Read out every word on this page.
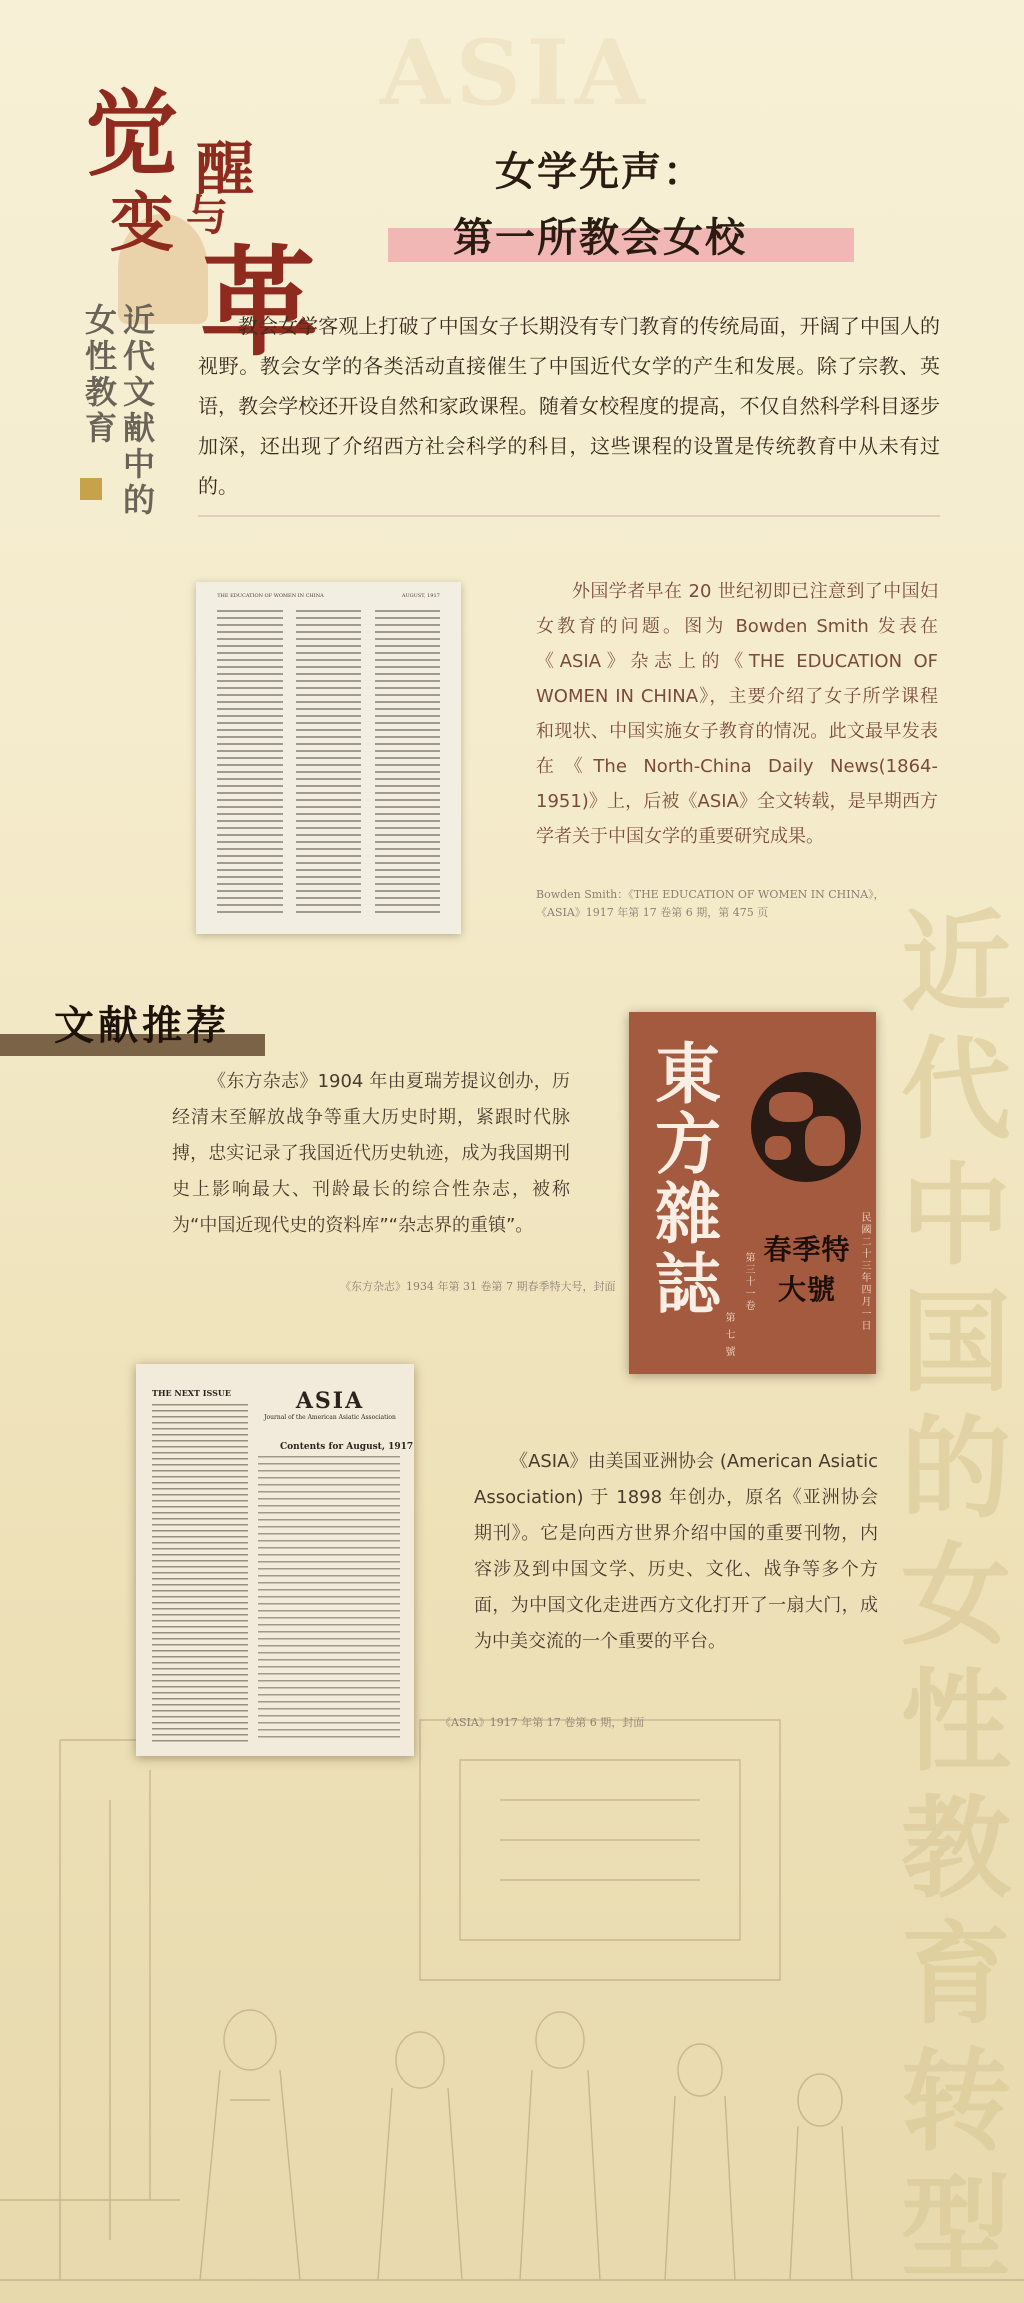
ASIA
近代中国的女性教育转型
觉 醒
与
变
革
近代文献中的
女性教育
女学先声：
第一所教会女校

教会女学客观上打破了中国女子长期没有专门教育的传统局面，开阔了中国人的视野。教会女学的各类活动直接催生了中国近代女学的产生和发展。除了宗教、英语，教会学校还开设自然和家政课程。随着女校程度的提高，不仅自然科学科目逐步加深，还出现了介绍西方社会科学的科目，这些课程的设置是传统教育中从未有过的。

THE EDUCATION OF WOMEN IN CHINA	AUGUST, 1917	外国学者早在 20 世纪初即已注意到了中国妇女教育的问题。图为 Bowden Smith 发表在《ASIA》杂志上的《THE EDUCATION OF WOMEN IN CHINA》，主要介绍了女子所学课程和现状、中国实施女子教育的情况。此文最早发表在《The North-China Daily News(1864-1951)》上，后被《ASIA》全文转载，是早期西方学者关于中国女学的重要研究成果。

Bowden Smith：《THE EDUCATION OF WOMEN IN CHINA》，
《ASIA》1917 年第 17 卷第 6 期，第 475 页
文献推荐

《东方杂志》1904 年由夏瑞芳提议创办，历经清末至解放战争等重大历史时期，紧跟时代脉搏，忠实记录了我国近代历史轨迹，成为我国期刊史上影响最大、刊龄最长的综合性杂志，被称为“中国近现代史的资料库”“杂志界的重镇”。

《东方杂志》1934 年第 31 卷第 7 期春季特大号，封面
東方雜誌	春季特大號
第三十一卷
第 七 號
民國二十三年四月一日
THE NEXT ISSUE	ASIA
Journal of the American Asiatic Association
Contents for August, 1917

《ASIA》由美国亚洲协会 (American Asiatic Association) 于 1898 年创办，原名《亚洲协会期刊》。它是向西方世界介绍中国的重要刊物，内容涉及到中国文学、历史、文化、战争等多个方面，为中国文化走进西方文化打开了一扇大门，成为中美交流的一个重要的平台。

《ASIA》1917 年第 17 卷第 6 期，封面
